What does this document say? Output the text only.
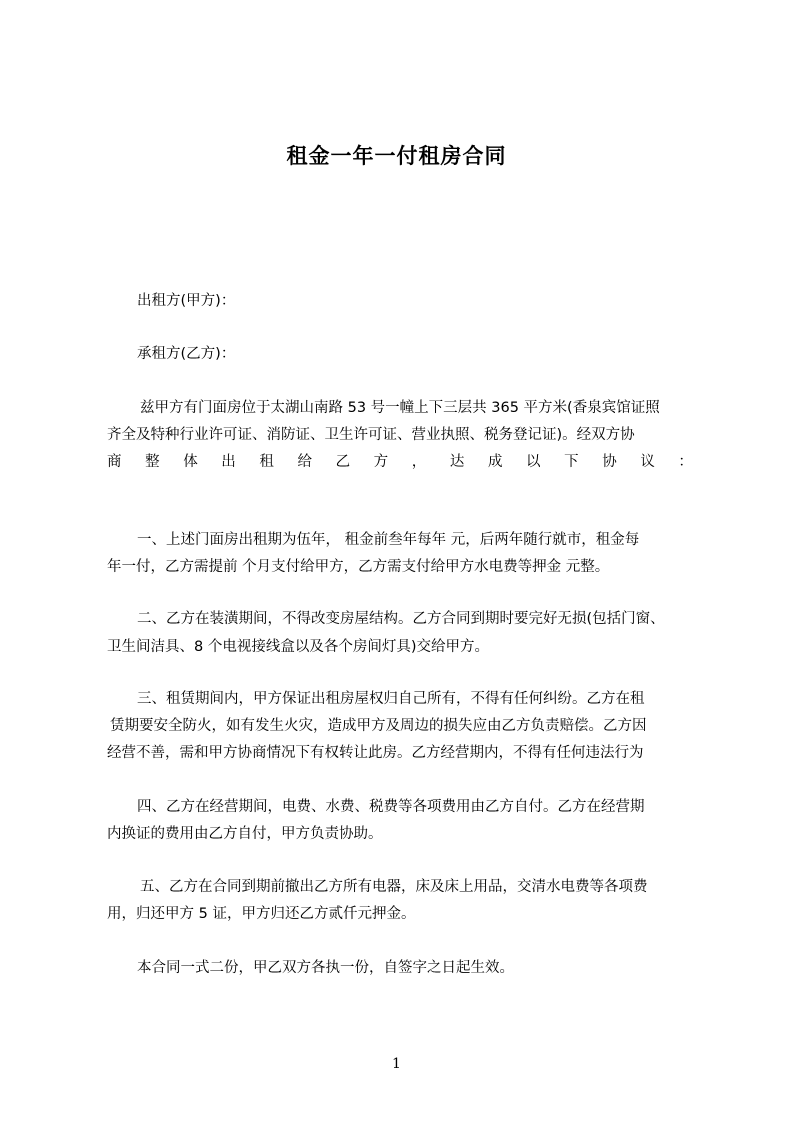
租金一年一付租房合同
出租方(甲方)：
承租方(乙方)：
兹甲方有门面房位于太湖山南路 53 号一幢上下三层共 365 平方米(香泉宾馆证照
齐全及特种行业许可证、消防证、卫生许可证、营业执照、税务登记证)。经双方协
商 整 体 出 租 给 乙 方 ， 达 成 以 下 协 议 ：
一、上述门面房出租期为伍年， 租金前叁年每年 元，后两年随行就市，租金每
年一付，乙方需提前 个月支付给甲方，乙方需支付给甲方水电费等押金 元整。
二、乙方在装潢期间，不得改变房屋结构。乙方合同到期时要完好无损(包括门窗、
卫生间洁具、8 个电视接线盒以及各个房间灯具)交给甲方。
三、租赁期间内，甲方保证出租房屋权归自己所有，不得有任何纠纷。乙方在租
赁期要安全防火，如有发生火灾，造成甲方及周边的损失应由乙方负责赔偿。乙方因
经营不善，需和甲方协商情况下有权转让此房。乙方经营期内，不得有任何违法行为
四、乙方在经营期间，电费、水费、税费等各项费用由乙方自付。乙方在经营期
内换证的费用由乙方自付，甲方负责协助。
五、乙方在合同到期前撤出乙方所有电器，床及床上用品，交清水电费等各项费
用，归还甲方 5 证，甲方归还乙方贰仟元押金。
本合同一式二份，甲乙双方各执一份，自签字之日起生效。
1
